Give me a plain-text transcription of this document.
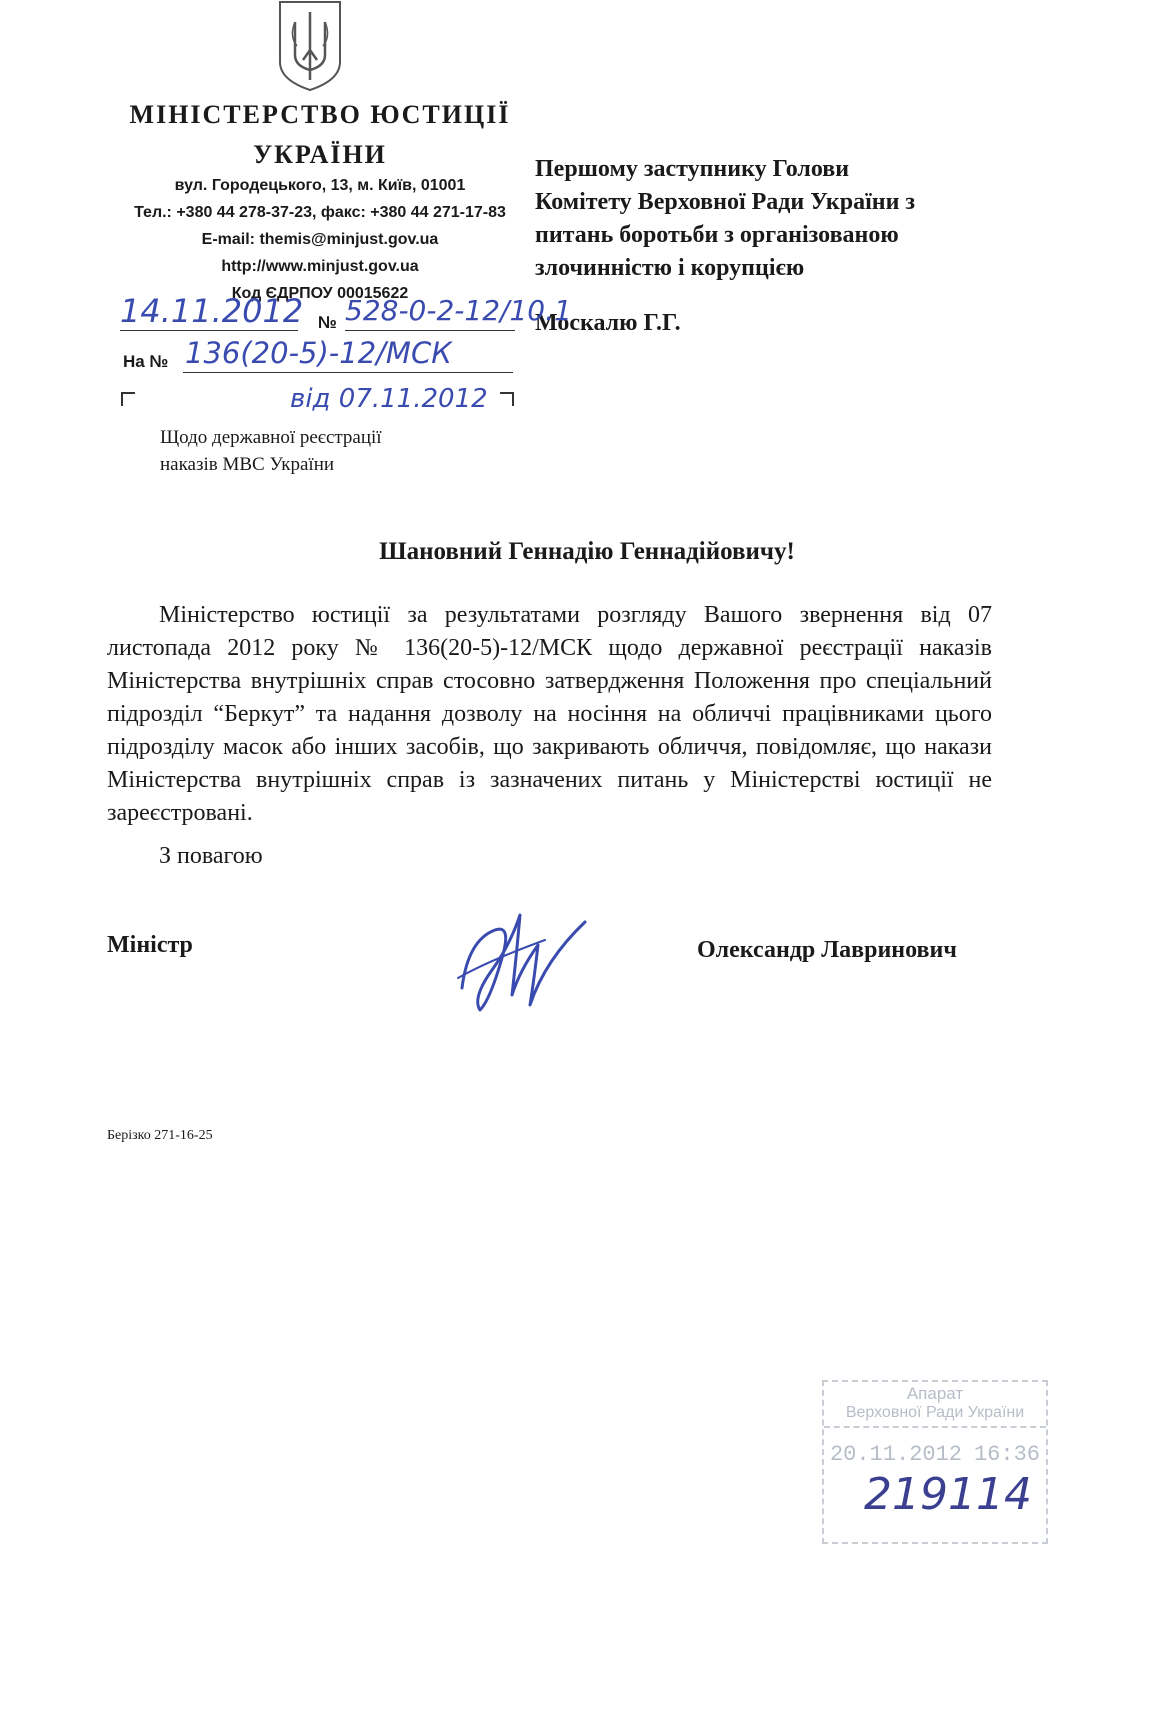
МІНІСТЕРСТВО ЮСТИЦІЇ
УКРАЇНИ
вул. Городецького, 13, м. Київ, 01001
Тел.: +380 44 278-37-23, факс: +380 44 271-17-83
E-mail: themis@minjust.gov.ua
http://www.minjust.gov.ua
Код ЄДРПОУ 00015622
Першому заступнику Голови
Комітету Верховної Ради України з
питань боротьби з організованою
злочинністю і корупцією
Москалю Г.Г.
14.11.2012 № 528-0-2-12/10.1
На № 136(20-5)-12/МСК
від 07.11.2012
Щодо державної реєстрації
наказів МВС України
Шановний Геннадію Геннадійовичу!
Міністерство юстиції за результатами розгляду Вашого звернення від 07 листопада 2012 року № 136(20-5)-12/МСК щодо державної реєстрації наказів Міністерства внутрішніх справ стосовно затвердження Положення про спеціальний підрозділ “Беркут” та надання дозволу на носіння на обличчі працівниками цього підрозділу масок або інших засобів, що закривають обличчя, повідомляє, що накази Міністерства внутрішніх справ із зазначених питань у Міністерстві юстиції не зареєстровані.
З повагою
Міністр	Олександр Лавринович
Берізко 271-16-25
Апарат
Верховної Ради України
20.11.2012 16:36
219114
